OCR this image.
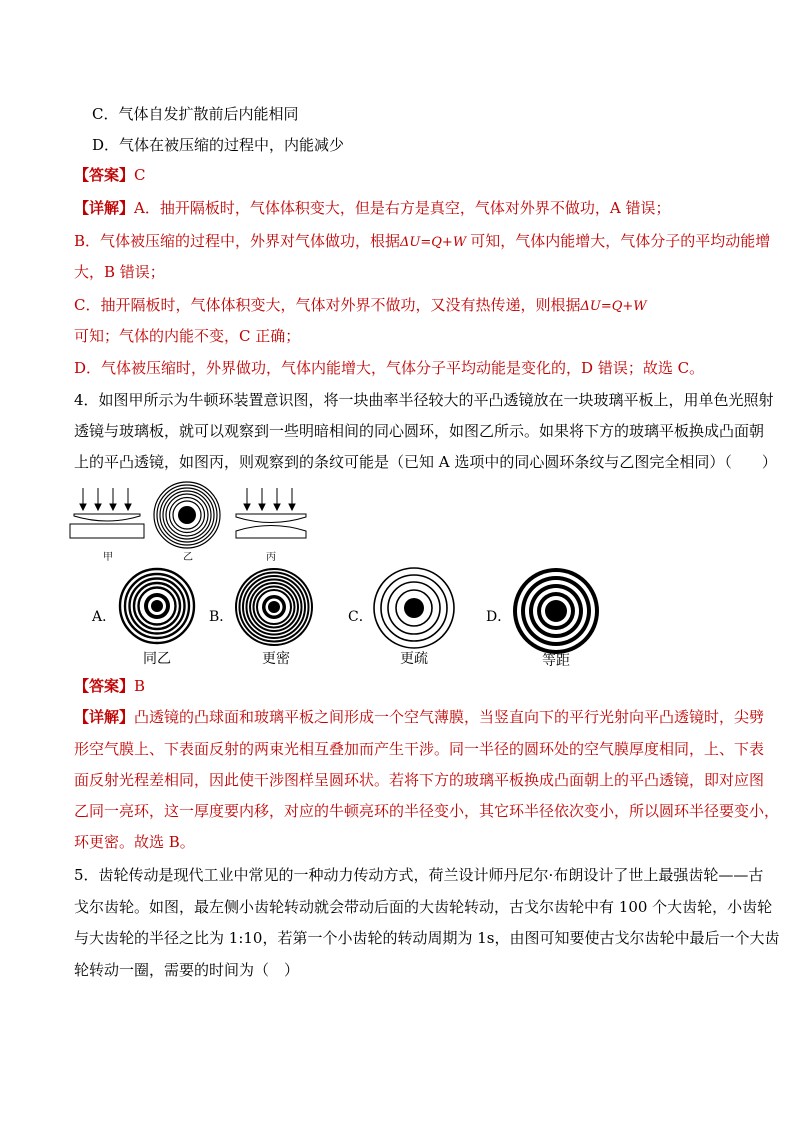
C．气体自发扩散前后内能相同
D．气体在被压缩的过程中，内能减少
【答案】C
【详解】A．抽开隔板时，气体体积变大，但是右方是真空，气体对外界不做功，A 错误；
B．气体被压缩的过程中，外界对气体做功，根据ΔU=Q+W 可知，气体内能增大，气体分子的平均动能增
大，B 错误；
C．抽开隔板时，气体体积变大，气体对外界不做功，又没有热传递，则根据ΔU=Q+W
可知；气体的内能不变，C 正确；
D．气体被压缩时，外界做功，气体内能增大，气体分子平均动能是变化的，D 错误；故选 C。
4．如图甲所示为牛顿环装置意识图，将一块曲率半径较大的平凸透镜放在一块玻璃平板上，用单色光照射
透镜与玻璃板，就可以观察到一些明暗相间的同心圆环，如图乙所示。如果将下方的玻璃平板换成凸面朝
上的平凸透镜，如图丙，则观察到的条纹可能是（已知 A 选项中的同心圆环条纹与乙图完全相同）（　　）
甲	乙	丙
A．
同乙
B．
更密
C．
更疏
D．
等距
【答案】B
【详解】凸透镜的凸球面和玻璃平板之间形成一个空气薄膜，当竖直向下的平行光射向平凸透镜时，尖劈
形空气膜上、下表面反射的两束光相互叠加而产生干涉。同一半径的圆环处的空气膜厚度相同，上、下表
面反射光程差相同，因此使干涉图样呈圆环状。若将下方的玻璃平板换成凸面朝上的平凸透镜，即对应图
乙同一亮环，这一厚度要内移，对应的牛顿亮环的半径变小，其它环半径依次变小，所以圆环半径要变小，
环更密。故选 B。
5．齿轮传动是现代工业中常见的一种动力传动方式，荷兰设计师丹尼尔·布朗设计了世上最强齿轮——古
戈尔齿轮。如图，最左侧小齿轮转动就会带动后面的大齿轮转动，古戈尔齿轮中有 100 个大齿轮，小齿轮
与大齿轮的半径之比为 1:10，若第一个小齿轮的转动周期为 1s，由图可知要使古戈尔齿轮中最后一个大齿
轮转动一圈，需要的时间为（　）
